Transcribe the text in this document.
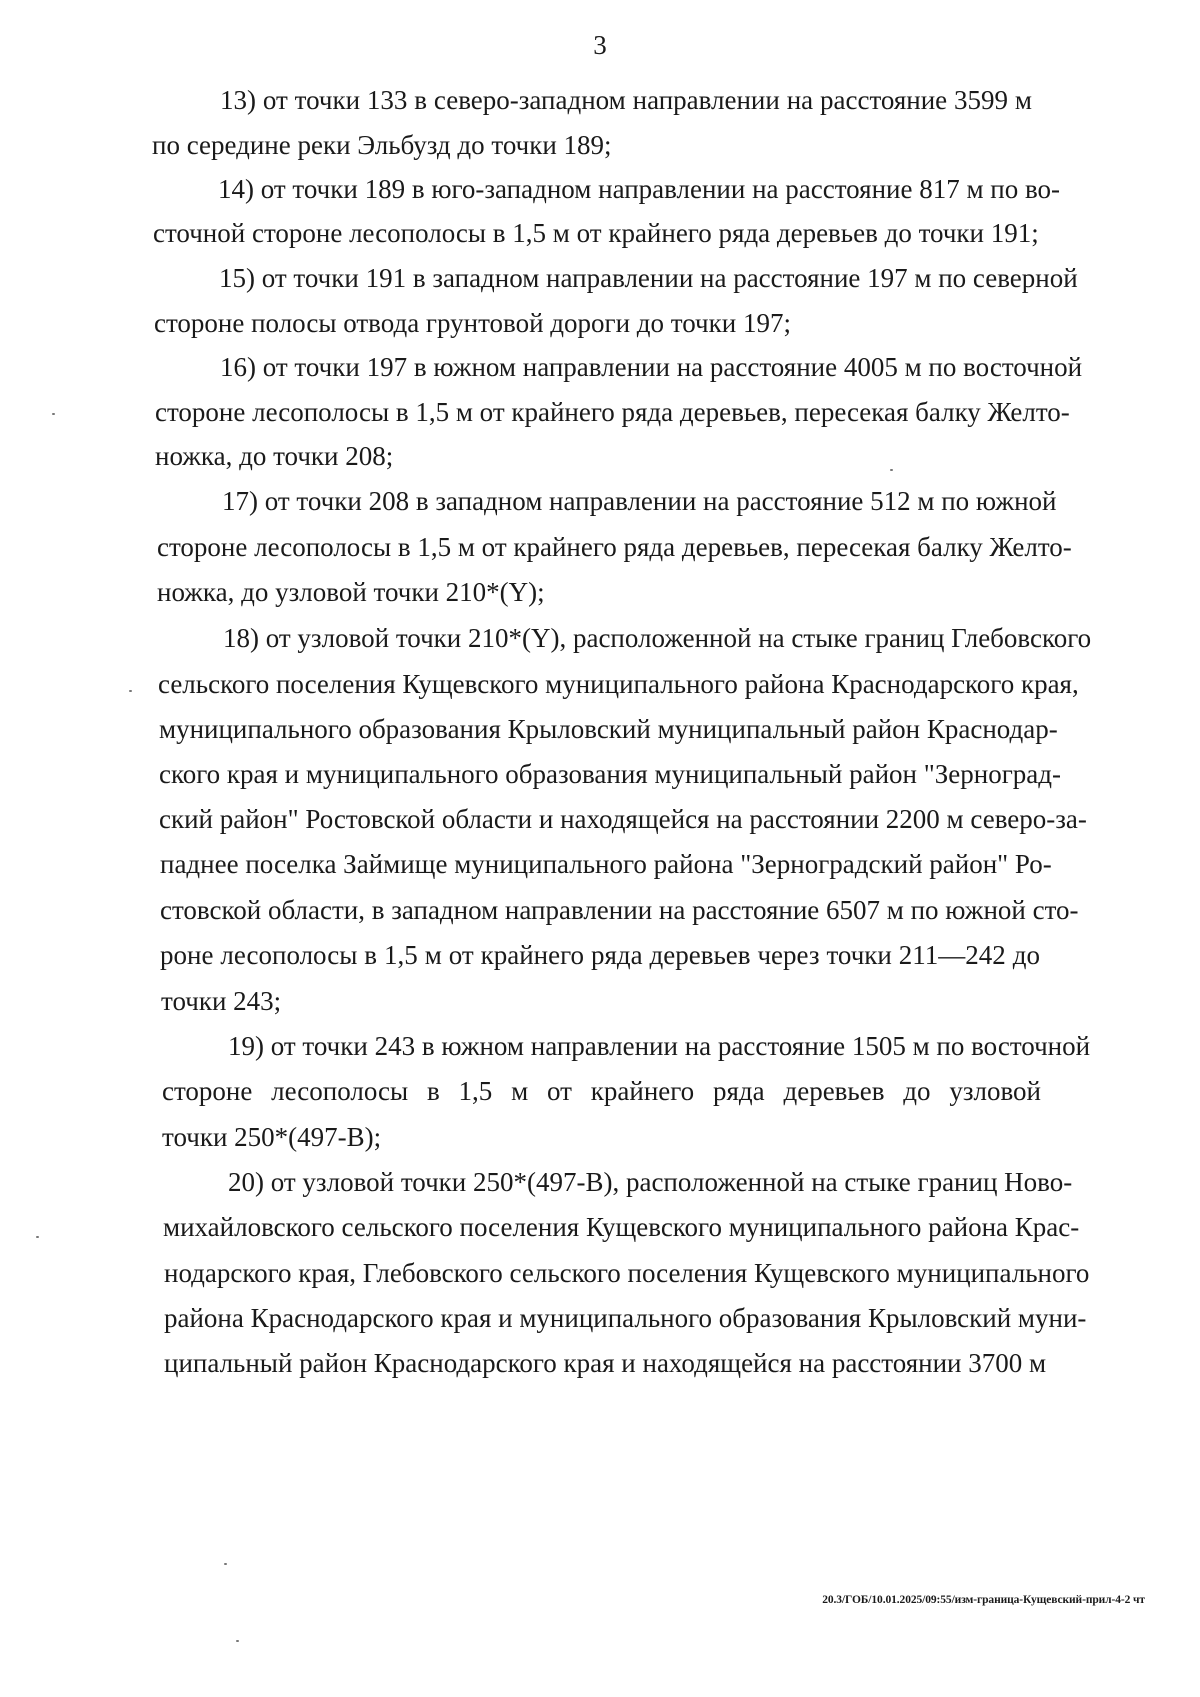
3
13) от точки 133 в северо-западном направлении на расстояние 3599 м
по середине реки Эльбузд до точки 189;
14) от точки 189 в юго-западном направлении на расстояние 817 м по во-
сточной стороне лесополосы в 1,5 м от крайнего ряда деревьев до точки 191;
15) от точки 191 в западном направлении на расстояние 197 м по северной
стороне полосы отвода грунтовой дороги до точки 197;
16) от точки 197 в южном направлении на расстояние 4005 м по восточной
стороне лесополосы в 1,5 м от крайнего ряда деревьев, пересекая балку Желто-
ножка, до точки 208;
17) от точки 208 в западном направлении на расстояние 512 м по южной
стороне лесополосы в 1,5 м от крайнего ряда дeревьев, пересекая балку Желто-
ножка, до узловой точки 210*(Y);
18) от узловой точки 210*(Y), расположенной на стыке границ Глебовского
сельского поселения Кущевского муниципального района Краснодарского края,
муниципального образования Крыловский муниципальный район Краснодар-
ского края и муниципального образования муниципальный район "Зерноград-
ский район" Ростовской области и находящейся на расстоянии 2200 м северо-за-
паднее поселка Займище муниципального района "Зерноградский район" Ро-
стовской области, в западном направлении на расстояние 6507 м по южной сто-
роне лесополосы в 1,5 м от крайнего ряда деревьев через точки 211—242 до
точки 243;
19) от точки 243 в южном направлении на расстояние 1505 м по восточной
стороне лесополосы в 1,5 м от крайнего ряда деревьев до узловой
точки 250*(497-В);
20) от узловой точки 250*(497-В), расположенной на стыке границ Ново-
михайловского сельского поселения Кущевского муниципального района Крас-
нодарского края, Глебовского сельского поселения Кущевского муниципального
района Краснодарского края и муниципального образования Крыловский муни-
ципальный район Краснодарского края и находящейся на расстоянии 3700 м
20.3/ГОБ/10.01.2025/09:55/изм-граница-Кущевский-прил-4-2 чт
